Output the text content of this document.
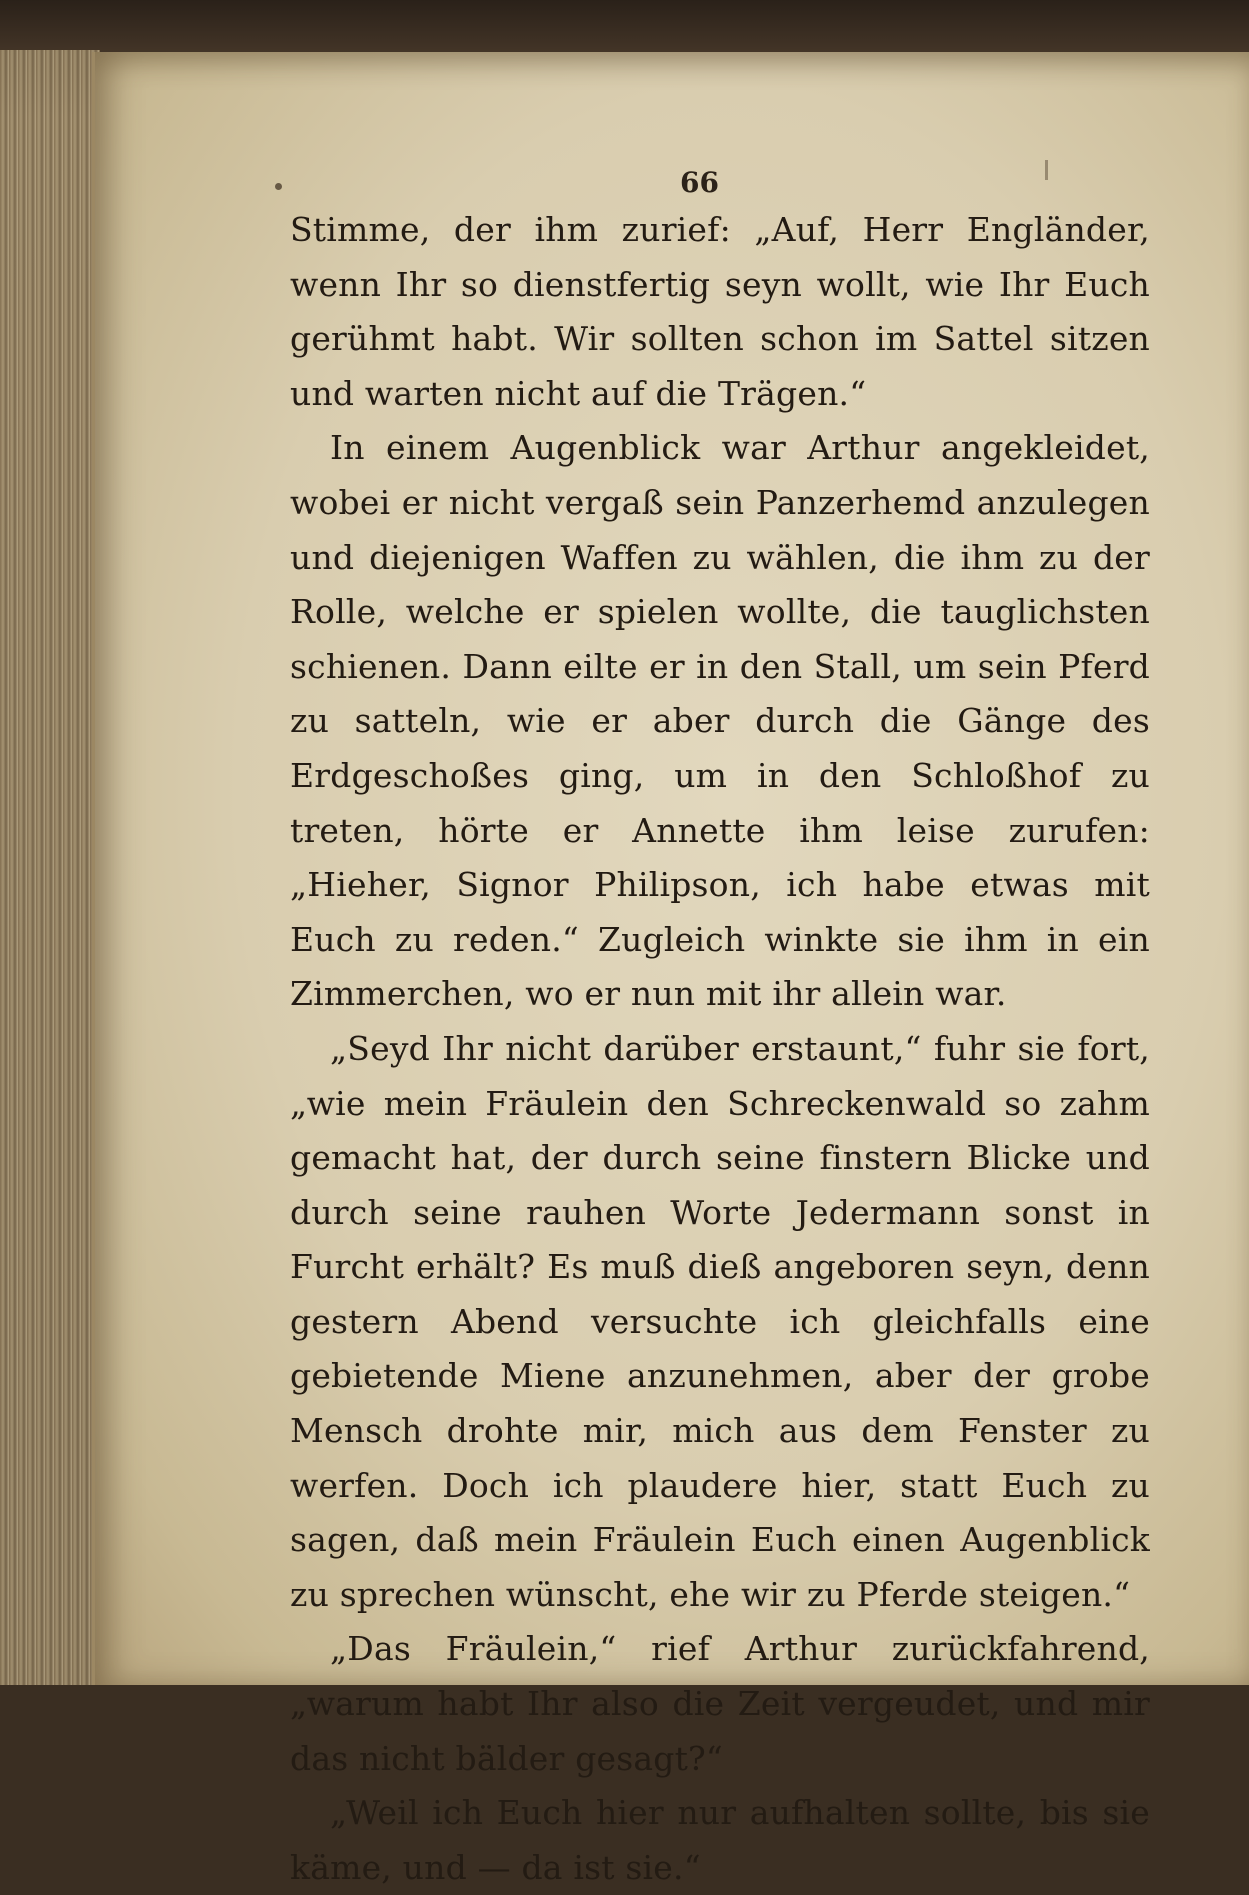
66

Stimme, der ihm zurief: „Auf, Herr Engländer, wenn Ihr so dienstfertig seyn wollt, wie Ihr Euch gerühmt habt. Wir sollten schon im Sattel sitzen und warten nicht auf die Trägen.“

In einem Augenblick war Arthur angekleidet, wobei er nicht vergaß sein Panzerhemd anzulegen und diejenigen Waffen zu wählen, die ihm zu der Rolle, welche er spielen wollte, die tauglichsten schienen. Dann eilte er in den Stall, um sein Pferd zu satteln, wie er aber durch die Gänge des Erdgeschoßes ging, um in den Schloßhof zu treten, hörte er Annette ihm leise zurufen: „Hieher, Signor Philipson, ich habe etwas mit Euch zu reden.“ Zugleich winkte sie ihm in ein Zimmerchen, wo er nun mit ihr allein war.

„Seyd Ihr nicht darüber erstaunt,“ fuhr sie fort, „wie mein Fräulein den Schreckenwald so zahm gemacht hat, der durch seine finstern Blicke und durch seine rauhen Worte Jedermann sonst in Furcht erhält? Es muß dieß angeboren seyn, denn gestern Abend versuchte ich gleichfalls eine gebietende Miene anzunehmen, aber der grobe Mensch drohte mir, mich aus dem Fenster zu werfen. Doch ich plaudere hier, statt Euch zu sagen, daß mein Fräulein Euch einen Augenblick zu sprechen wünscht, ehe wir zu Pferde steigen.“

„Das Fräulein,“ rief Arthur zurückfahrend, „warum habt Ihr also die Zeit vergeudet, und mir das nicht bälder gesagt?“

„Weil ich Euch hier nur aufhalten sollte, bis sie käme, und — da ist sie.“
